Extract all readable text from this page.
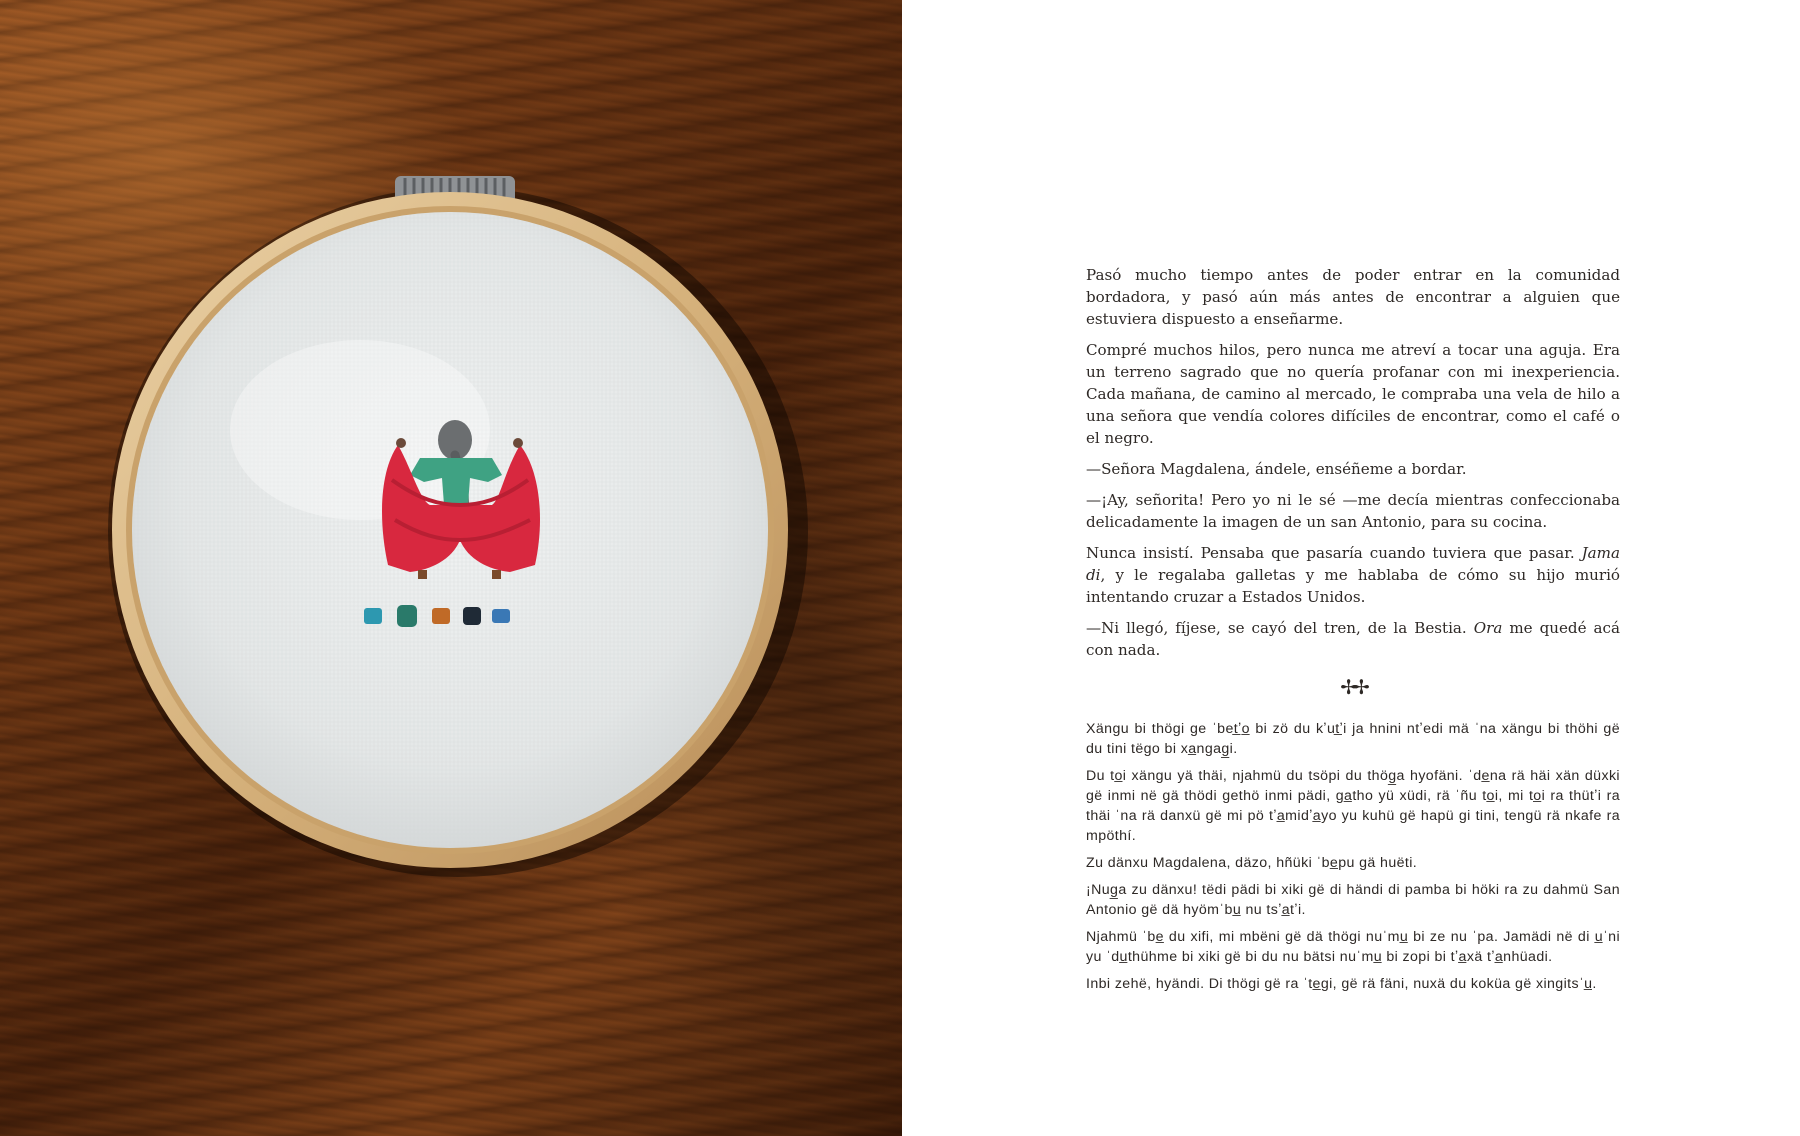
Pasó mucho tiempo antes de poder entrar en la comunidad bordadora, y pasó aún más antes de encontrar a alguien que estuviera dispuesto a enseñarme.

Compré muchos hilos, pero nunca me atreví a tocar una aguja. Era un terreno sagrado que no quería profanar con mi inexperiencia. Cada mañana, de camino al mercado, le compraba una vela de hilo a una señora que vendía colores difíciles de encontrar, como el café o el negro.

—Señora Magdalena, ándele, enséñeme a bordar.

—¡Ay, señorita! Pero yo ni le sé —me decía mientras confeccionaba delicadamente la imagen de un san Antonio, para su cocina.

Nunca insistí. Pensaba que pasaría cuando tuviera que pasar. Jama di, y le regalaba galletas y me hablaba de cómo su hijo murió intentando cruzar a Estados Unidos.

—Ni llegó, fíjese, se cayó del tren, de la Bestia. Ora me quedé acá con nada.

✢✢

Xängu bi thögi ge ˈbet̲ʼo̲ bi zö du kʼut̲ʼi ja hnini ntʼedi mä ˈna xängu bi thöhi gë du tini tëgo bi xa̲ngag̲i.

Du to̲i xängu yä thäi, njahmü du tsöpi du thög̲a hyofäni. ˈde̲na rä häi xän düxki gë inmi në gä thödi gethö inmi pädi, ga̲tho yü xüdi, rä ˈñu to̲i, mi to̲i ra thütʼi ra thäi ˈna rä danxü gë mi pö tʼa̲midʼa̲yo yu kuhü gë hapü gi tini, tengü rä nkafe ra mpöthí.

Zu dänxu Magdalena, däzo, hñüki ˈbe̲pu gä huëti.

¡Nug̲a zu dänxu! tëdi pädi bi xiki gë di händi di pamba bi höki ra zu dahmü San Antonio gë dä hyömˈbu̲ nu tsʼa̲tʼi.

Njahmü ˈbe̲ du xifi, mi mbëni gë dä thögi nuˈmu̲ bi ze nu ˈpa. Jamädi në di u̲ˈni yu ˈdu̲thühme bi xiki gë bi du nu bätsi nuˈmu̲ bi zopi bi tʼa̲xä tʼa̲nhüadi.

Inbi zehë, hyändi. Di thögi gë ra ˈte̲gi, gë rä fäni, nuxä du koküa gë xingitsˈu̲.
